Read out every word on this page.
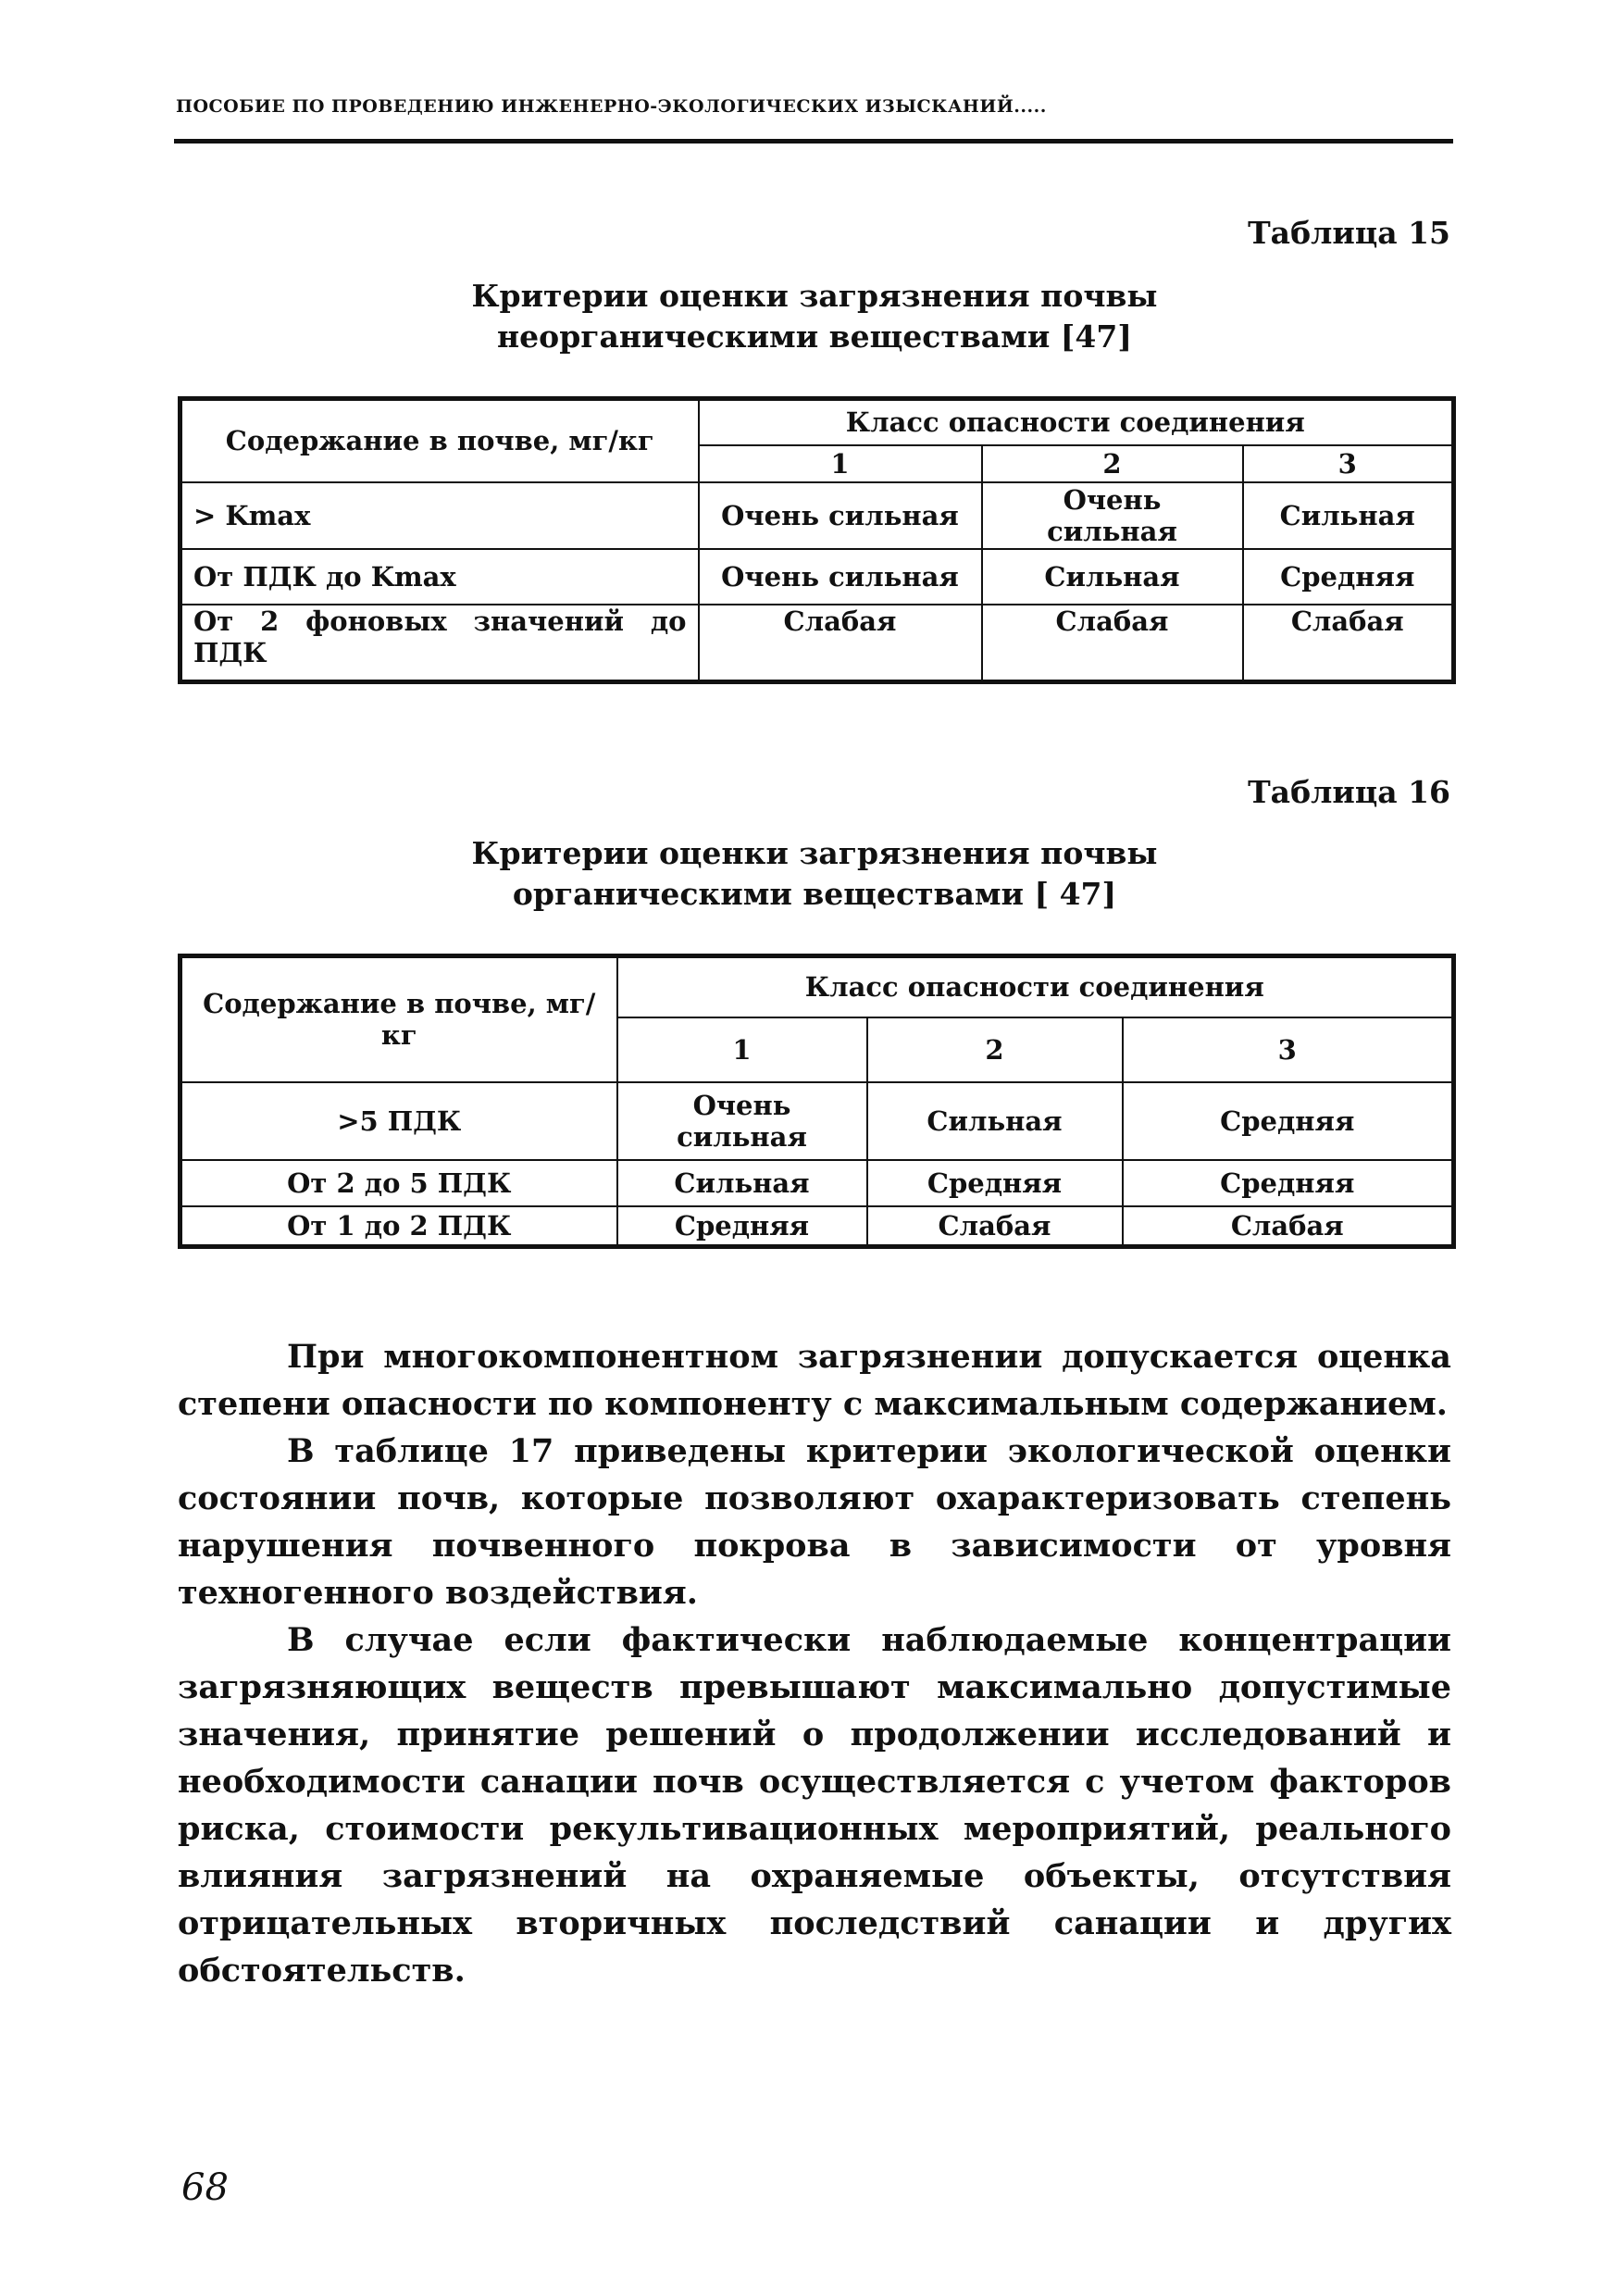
ПОСОБИЕ ПО ПРОВЕДЕНИЮ ИНЖЕНЕРНО-ЭКОЛОГИЧЕСКИХ ИЗЫСКАНИЙ.....
Таблица 15
Критерии оценки загрязнения почвы
неорганическими веществами [47]
Содержание в почве, мг/кг	Класс опасности соединения		
	1	2	3
> Kmax	Очень сильная	Очень сильная	Сильная
От ПДК до Kmax	Очень сильная	Сильная	Средняя
От 2 фоновых значений до ПДК	Слабая	Слабая	Слабая
Таблица 16
Критерии оценки загрязнения почвы
органическими веществами [ 47]
Содержание в почве, мг/кг	Класс опасности соединения		
	1	2	3
>5 ПДК	Очень сильная	Сильная	Средняя
От 2 до 5 ПДК	Сильная	Средняя	Средняя
От 1 до 2 ПДК	Средняя	Слабая	Слабая

При многокомпонентном загрязнении допускается оценка степени опасности по компоненту с максимальным содержанием.

В таблице 17 приведены критерии экологической оценки состоянии почв, которые позволяют охарактеризовать степень нарушения почвенного покрова в зависимости от уровня техногенного воздействия.

В случае если фактически наблюдаемые концентрации загрязняющих веществ превышают максимально допустимые значения, принятие решений о продолжении исследований и необходимости санации почв осуществляется с учетом факторов риска, стоимости рекультивационных мероприятий, реального влияния загрязнений на охраняемые объекты, отсутствия отрицательных вторичных последствий санации и других обстоятельств.

68
